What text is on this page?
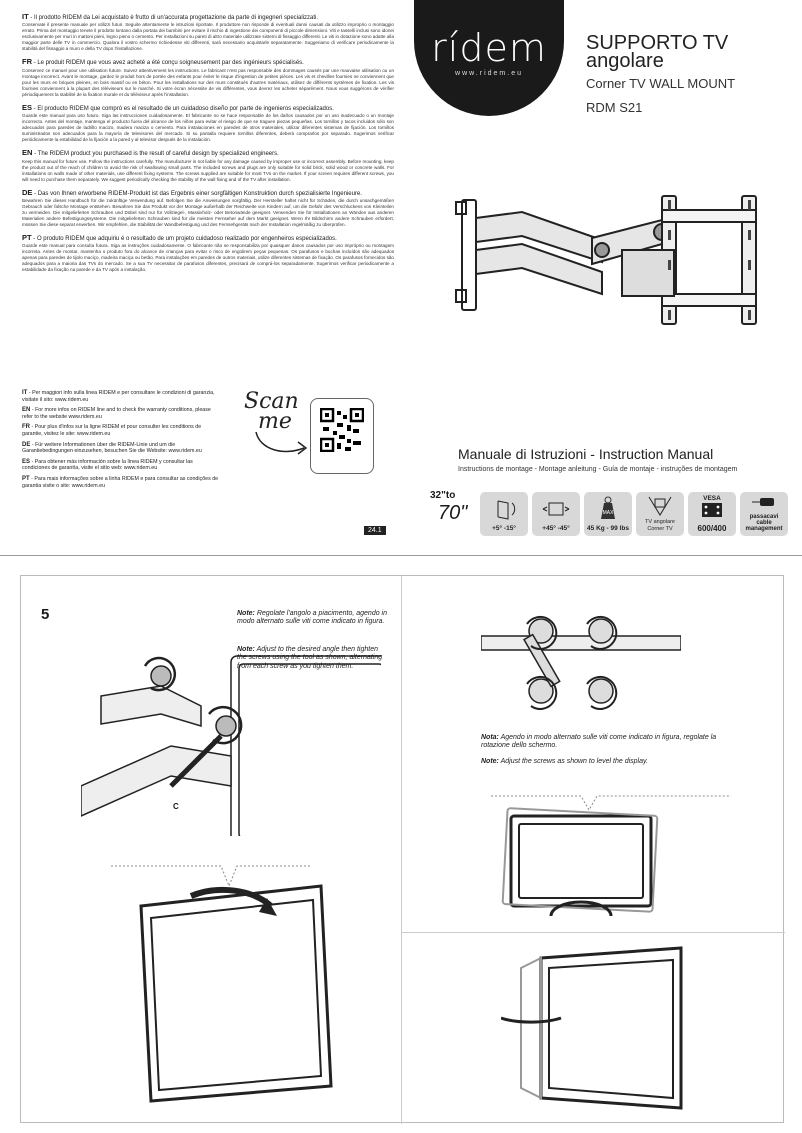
IT - Il prodotto RIDEM da Lei acquistato è frutto di un'accurata progettazione da parte di ingegneri specializzati.
Conservate il presente manuale per utilizzi futuri. Seguite attentamente le istruzioni riportate. Il produttore non risponde di eventuali danni causati da utilizzo improprio o montaggio errato. Prima del montaggio tenete il prodotto lontano dalla portata dei bambini per evitare il rischio di ingestione dei componenti di piccole dimensioni. Viti e tasselli inclusi sono idonei esclusivamente per muri in mattoni pieni, legno pieno o cemento. Per installazioni su pareti di altro materiale utilizzate sistemi di fissaggio differenti. Le viti in dotazione sono adatte alla maggior parte delle TV in commercio. Qualora il vostro schermo richiedesse viti differenti, sarà necessario acquistarle separatamente. Suggeriamo di verificare periodicamente la stabilità del fissaggio a muro e della TV dopo l'installazione.
FR - Le produit RIDEM que vous avez acheté a été conçu soigneusement par des ingénieurs spécialisés.
Conservez ce manuel pour une utilisation future. Suivez attentivement les instructions. Le fabricant n'est pas responsable des dommages causés par une mauvaise utilisation ou un montage incorrect. Avant le montage, gardez le produit hors de portée des enfants pour éviter le risque d'ingestion de petites pièces. Les vis et chevilles fournies ne conviennent que pour les murs en briques pleines, en bois massif ou en béton. Pour les installations sur des murs constitués d'autres matériaux, utilisez de différents systèmes de fixation. Les vis fournies conviennent à la plupart des téléviseurs sur le marché. Si votre écran nécessite de vis différentes, vous devrez les acheter séparément. Nous vous suggérons de vérifier périodiquement la stabilité de la fixation murale et du téléviseur après l'installation.
ES - El producto RIDEM que compró es el resultado de un cuidadoso diseño por parte de ingenieros especializados.
Guarde este manual para uso futuro. Siga las instrucciones cuidadosamente. El fabricante no se hace responsable de los daños causados por un uso inadecuado o un montaje incorrecto. Antes del montaje, mantenga el producto fuera del alcance de los niños para evitar el riesgo de que se traguen piezas pequeñas. Los tornillos y tacos incluidos sólo son adecuados para paredes de ladrillo macizo, madera maciza o cemento. Para instalaciones en paredes de otros materiales, utilizar diferentes sistemas de fijación. Los tornillos suministrados son adecuados para la mayoría de televisores del mercado. Si su pantalla requiere tornillos diferentes, deberá comprarlos por separado. Sugerimos verificar periódicamente la estabilidad de la fijación a la pared y al televisor después de la instalación.
EN - The RIDEM product you purchased is the result of careful design by specialized engineers.
Keep this manual for future use. Follow the instructions carefully. The manufacturer is not liable for any damage caused by improper use or incorrect assembly. Before mounting, keep the product out of the reach of children to avoid the risk of swallowing small parts. The included screws and plugs are only suitable for solid brick, solid wood or concrete walls. For installations on walls made of other materials, use different fixing systems. The screws supplied are suitable for most TVs on the market. If your screen requires different screws, you will need to purchase them separately. We suggest periodically checking the stability of the wall fixing and of the TV after installation.
DE - Das von Ihnen erworbene RIDEM-Produkt ist das Ergebnis einer sorgfältigen Konstruktion durch spezialisierte Ingenieure.
Bewahren Sie dieses Handbuch für die zukünftige Verwendung auf. Befolgen Sie die Anweisungen sorgfältig. Der Hersteller haftet nicht für Schäden, die durch unsachgemäßen Gebrauch oder falsche Montage entstehen. Bewahren Sie das Produkt vor der Montage außerhalb der Reichweite von Kindern auf, um die Gefahr des Verschluckens von Kleinteilen zu vermeiden. Die mitgelieferten Schrauben und Dübel sind nur für Vollziegel-, Massivholz- oder Betonwände geeignet. Verwenden Sie für Installationen an Wänden aus anderen Materialien andere Befestigungssysteme. Die mitgelieferten Schrauben sind für die meisten Fernseher auf dem Markt geeignet. Wenn Ihr Bildschirm andere Schrauben erfordert, müssen Sie diese separat erwerben. Wir empfehlen, die Stabilität der Wandbefestigung und des Fernsehgeräts nach der Installation regelmäßig zu überprüfen.
PT - O produto RIDEM que adquiriu é o resultado de um projeto cuidadoso realizado por engenheiros especializados.
Guarde este manual para consulta futura. Siga as instruções cuidadosamente. O fabricante não se responsabiliza por quaisquer danos causados por uso impróprio ou montagem incorreta. Antes de montar, mantenha o produto fora do alcance de crianças para evitar o risco de engolirem peças pequenas. Os parafusos e buchas incluídos são adequados apenas para paredes de tijolo maciço, madeira maciça ou betão. Para instalações em paredes de outros materiais, utilize diferentes sistemas de fixação. Os parafusos fornecidos são adequados para a maioria das TVs do mercado. Se a sua TV necessitar de parafusos diferentes, precisará de comprá-los separadamente. Sugerimos verificar periodicamente a estabilidade da fixação na parede e da TV após a instalação.
IT - Per maggiori info sulla linea RIDEM e per consultare le condizioni di garanzia, visitate il sito: www.ridem.eu
EN - For more infos on RIDEM line and to check the warranty conditions, please refer to the website www.ridem.eu
FR - Pour plus d'infos sur la ligne RIDEM et pour consulter les conditions de garantie, visitez le site: www.ridem.eu
DE - Für weitere Informationen über die RIDEM-Linie und um die Garantiebedingungen einzusehen, besuchen Sie die Website: www.ridem.eu
ES - Para obtener más información sobre la línea RIDEM y consultar las condiciones de garantía, visite el sitio web: www.ridem.eu
PT - Para mais informações sobre a linha RIDEM e para consultar as condições de garantia visite o site: www.ridem.eu
Scan
me
24.1
rídem
www.ridem.eu
SUPPORTO TV
angolare
Corner TV WALL MOUNT
RDM S21
Manuale di Istruzioni - Instruction Manual
Instructions de montage - Montage anleitung - Guía de montaje - instruções de montagem
32"to
70"
+5° -15°	+45° -45°
MAX
45 Kg - 99 lbs
TV angolare
Corner TV
VESA
600/400
passacavi
cable
management
5	Note: Regolate l'angolo a piacimento, agendo in modo alternato sulle viti come indicato in figura.
Note: Adjust to the desired angle then tighten the screws using the tool as shown, alternating from each screw as you tighten them.
C
Nota: Agendo in modo alternato sulle viti come indicato in figura, regolate la rotazione dello schermo.
Note: Adjust the screws as shown to level the display.
